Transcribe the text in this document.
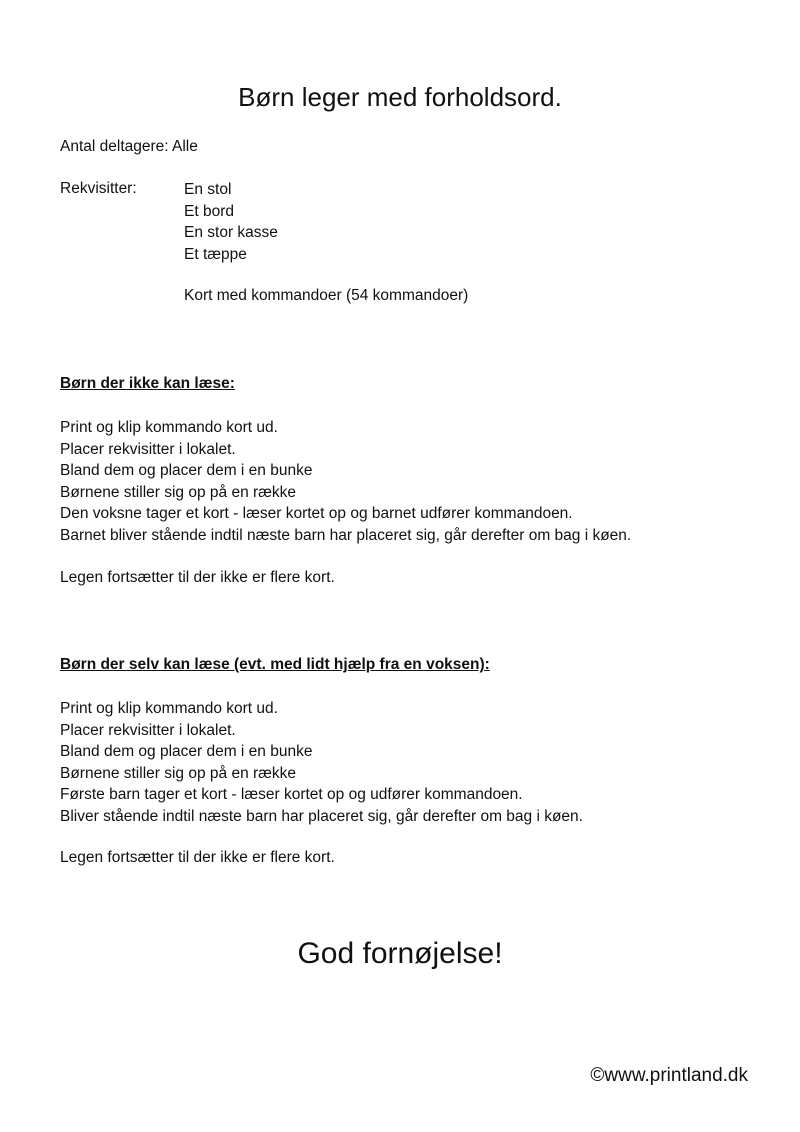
Børn leger med forholdsord.
Antal deltagere: Alle
Rekvisitter:	En stol
Et bord
En stor kasse
Et tæppe
Kort med kommandoer (54 kommandoer)
Børn der ikke kan læse:
Print og klip kommando kort ud.
Placer rekvisitter i lokalet.
Bland dem og placer dem i en bunke
Børnene stiller sig op på en række
Den voksne tager et kort - læser kortet op og barnet udfører kommandoen.
Barnet bliver stående indtil næste barn har placeret sig, går derefter om bag i køen.
Legen fortsætter til der ikke er flere kort.
Børn der selv kan læse (evt. med lidt hjælp fra en voksen):
Print og klip kommando kort ud.
Placer rekvisitter i lokalet.
Bland dem og placer dem i en bunke
Børnene stiller sig op på en række
Første barn tager et kort - læser kortet op og udfører kommandoen.
Bliver stående indtil næste barn har placeret sig, går derefter om bag i køen.
Legen fortsætter til der ikke er flere kort.
God fornøjelse!
©www.printland.dk
